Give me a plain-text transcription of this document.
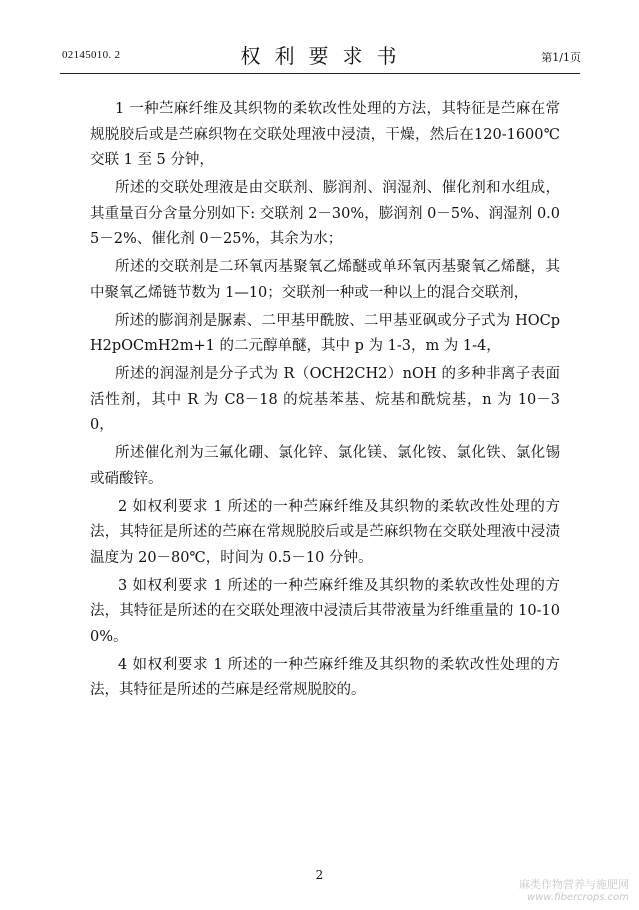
02145010. 2	权利要求书	第1/1页

1 一种苎麻纤维及其织物的柔软改性处理的方法，其特征是苎麻在常规脱胶后或是苎麻织物在交联处理液中浸渍，干燥，然后在120-1600℃交联 1 至 5 分钟，

所述的交联处理液是由交联剂、膨润剂、润湿剂、催化剂和水组成，其重量百分含量分别如下: 交联剂 2－30%，膨润剂 0－5%、润湿剂 0.05－2%、催化剂 0－25%，其余为水；

所述的交联剂是二环氧丙基聚氧乙烯醚或单环氧丙基聚氧乙烯醚，其中聚氧乙烯链节数为 1—10；交联剂一种或一种以上的混合交联剂，

所述的膨润剂是脲素、二甲基甲酰胺、二甲基亚砜或分子式为 HOCpH2pOCmH2m+1 的二元醇单醚，其中 p 为 1-3，m 为 1-4，

所述的润湿剂是分子式为 R（OCH2CH2）nOH 的多种非离子表面活性剂，其中 R 为 C8－18 的烷基苯基、烷基和酰烷基，n 为 10－30，

所述催化剂为三氟化硼、氯化锌、氯化镁、氯化铵、氯化铁、氯化锡或硝酸锌。

2 如权利要求 1 所述的一种苎麻纤维及其织物的柔软改性处理的方法，其特征是所述的苎麻在常规脱胶后或是苎麻织物在交联处理液中浸渍温度为 20－80℃，时间为 0.5－10 分钟。

3 如权利要求 1 所述的一种苎麻纤维及其织物的柔软改性处理的方法，其特征是所述的在交联处理液中浸渍后其带液量为纤维重量的 10-100%。

4 如权利要求 1 所述的一种苎麻纤维及其织物的柔软改性处理的方法，其特征是所述的苎麻是经常规脱胶的。

2
麻类作物营养与施肥网
www.fibercrops.com
